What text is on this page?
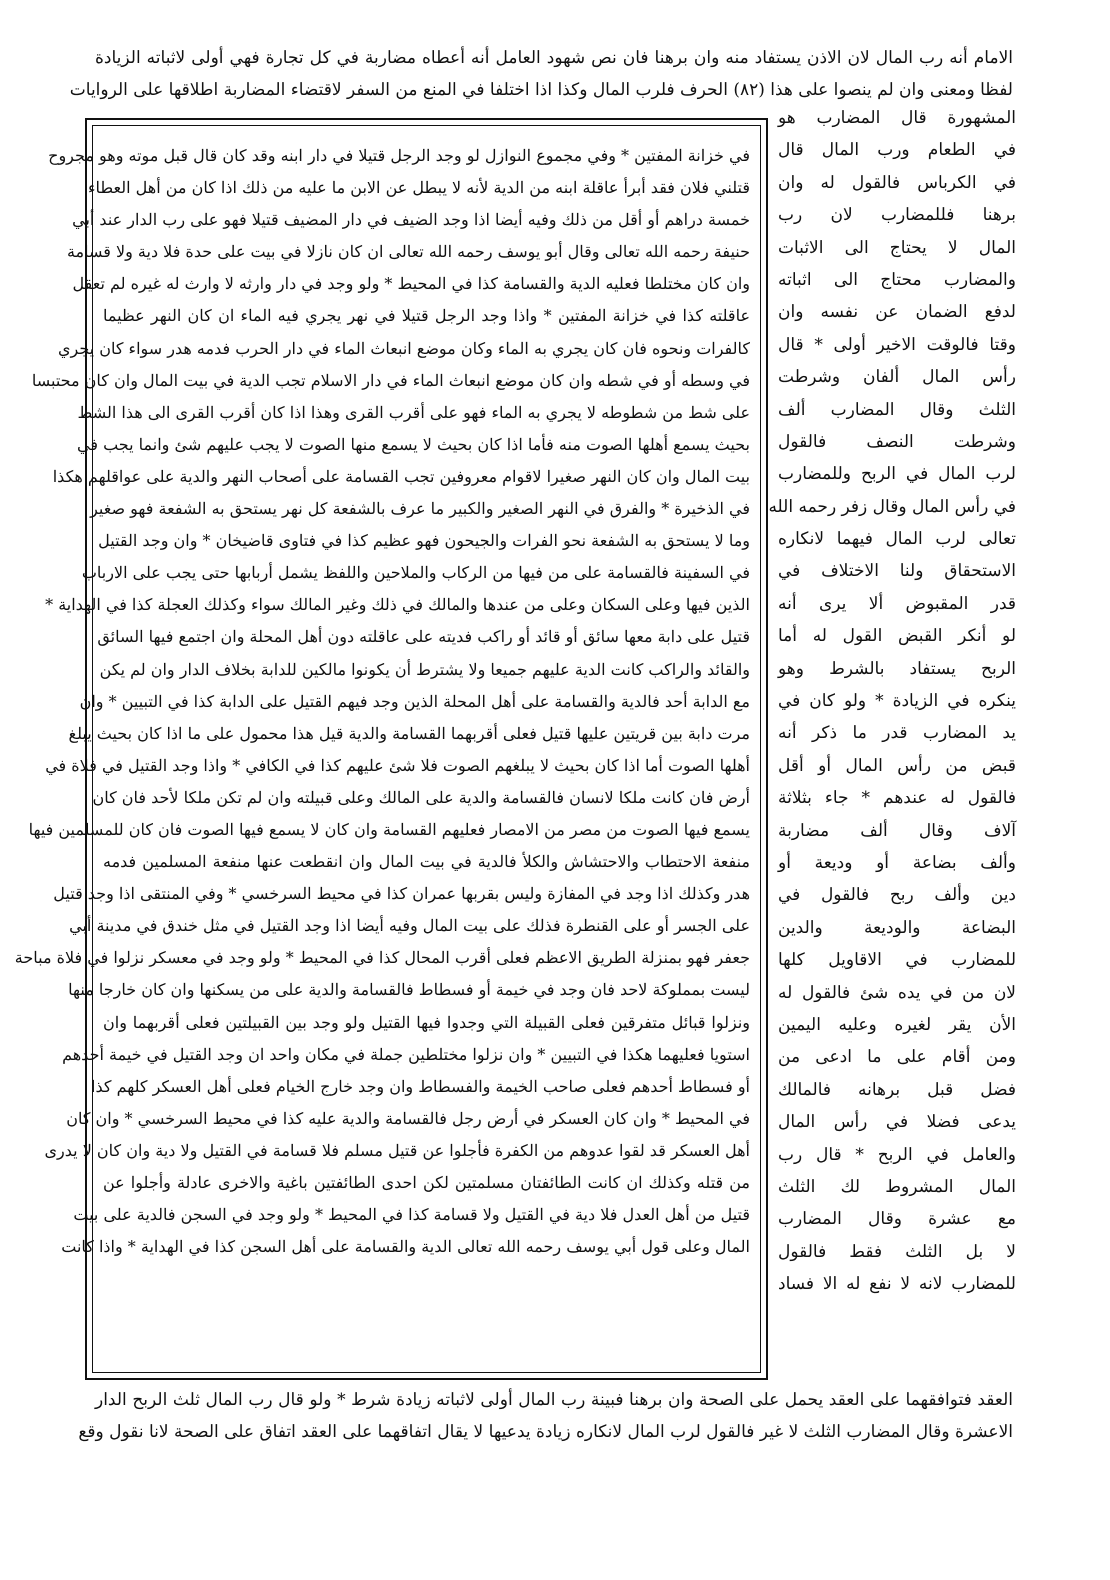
الامام أنه رب المال لان الاذن يستفاد منه وان برهنا فان نص شهود العامل أنه أعطاه مضاربة في كل تجارة فهي أولى لاثباته الزيادة
لفظا ومعنى وان لم ينصوا على هذا (٨٢) الحرف فلرب المال وكذا اذا اختلفا في المنع من السفر لاقتضاء المضاربة اطلاقها على الروايات
المشهورة قال المضارب هو
في الطعام ورب المال قال
في الكرباس فالقول له وان
برهنا فللمضارب لان رب
المال لا يحتاج الى الاثبات
والمضارب محتاج الى اثباته
لدفع الضمان عن نفسه وان
وقتا فالوقت الاخير أولى * قال
رأس المال ألفان وشرطت
الثلث وقال المضارب ألف
وشرطت النصف فالقول
لرب المال في الربح وللمضارب
في رأس المال وقال زفر رحمه الله
تعالى لرب المال فيهما لانكاره
الاستحقاق ولنا الاختلاف في
قدر المقبوض ألا يرى أنه
لو أنكر القبض القول له أما
الربح يستفاد بالشرط وهو
ينكره في الزيادة * ولو كان في
يد المضارب قدر ما ذكر أنه
قبض من رأس المال أو أقل
فالقول له عندهم * جاء بثلاثة
آلاف وقال ألف مضاربة
وألف بضاعة أو وديعة أو
دين وألف ربح فالقول في
البضاعة والوديعة والدين
للمضارب في الاقاويل كلها
لان من في يده شئ فالقول له
الأن يقر لغيره وعليه اليمين
ومن أقام على ما ادعى من
فضل قبل برهانه فالمالك
يدعى فضلا في رأس المال
والعامل في الربح * قال رب
المال المشروط لك الثلث
مع عشرة وقال المضارب
لا بل الثلث فقط فالقول
للمضارب لانه لا نفع له الا فساد
في خزانة المفتين * وفي مجموع النوازل لو وجد الرجل قتيلا في دار ابنه وقد كان قال قبل موته وهو مجروح
قتلني فلان فقد أبرأ عاقلة ابنه من الدية لأنه لا يبطل عن الابن ما عليه من ذلك اذا كان من أهل العطاء
خمسة دراهم أو أقل من ذلك وفيه أيضا اذا وجد الضيف في دار المضيف قتيلا فهو على رب الدار عند أبي
حنيفة رحمه الله تعالى وقال أبو يوسف رحمه الله تعالى ان كان نازلا في بيت على حدة فلا دية ولا قسامة
وان كان مختلطا فعليه الدية والقسامة كذا في المحيط * ولو وجد في دار وارثه لا وارث له غيره لم تعقل
عاقلته كذا في خزانة المفتين * واذا وجد الرجل قتيلا في نهر يجري فيه الماء ان كان النهر عظيما
كالفرات ونحوه فان كان يجري به الماء وكان موضع انبعاث الماء في دار الحرب فدمه هدر سواء كان يجري
في وسطه أو في شطه وان كان موضع انبعاث الماء في دار الاسلام تجب الدية في بيت المال وان كان محتبسا
على شط من شطوطه لا يجري به الماء فهو على أقرب القرى وهذا اذا كان أقرب القرى الى هذا الشط
بحيث يسمع أهلها الصوت منه فأما اذا كان بحيث لا يسمع منها الصوت لا يجب عليهم شئ وانما يجب في
بيت المال وان كان النهر صغيرا لاقوام معروفين تجب القسامة على أصحاب النهر والدية على عواقلهم هكذا
في الذخيرة * والفرق في النهر الصغير والكبير ما عرف بالشفعة كل نهر يستحق به الشفعة فهو صغير
وما لا يستحق به الشفعة نحو الفرات والجيحون فهو عظيم كذا في فتاوى قاضيخان * وان وجد القتيل
في السفينة فالقسامة على من فيها من الركاب والملاحين واللفظ يشمل أربابها حتى يجب على الارباب
الذين فيها وعلى السكان وعلى من عندها والمالك في ذلك وغير المالك سواء وكذلك العجلة كذا في الهداية *
قتيل على دابة معها سائق أو قائد أو راكب فديته على عاقلته دون أهل المحلة وان اجتمع فيها السائق
والقائد والراكب كانت الدية عليهم جميعا ولا يشترط أن يكونوا مالكين للدابة بخلاف الدار وان لم يكن
مع الدابة أحد فالدية والقسامة على أهل المحلة الذين وجد فيهم القتيل على الدابة كذا في التبيين * وان
مرت دابة بين قريتين عليها قتيل فعلى أقربهما القسامة والدية قيل هذا محمول على ما اذا كان بحيث يبلغ
أهلها الصوت أما اذا كان بحيث لا يبلغهم الصوت فلا شئ عليهم كذا في الكافي * واذا وجد القتيل في فلاة في
أرض فان كانت ملكا لانسان فالقسامة والدية على المالك وعلى قبيلته وان لم تكن ملكا لأحد فان كان
يسمع فيها الصوت من مصر من الامصار فعليهم القسامة وان كان لا يسمع فيها الصوت فان كان للمسلمين فيها
منفعة الاحتطاب والاحتشاش والكلأ فالدية في بيت المال وان انقطعت عنها منفعة المسلمين فدمه
هدر وكذلك اذا وجد في المفازة وليس بقربها عمران كذا في محيط السرخسي * وفي المنتقى اذا وجد قتيل
على الجسر أو على القنطرة فذلك على بيت المال وفيه أيضا اذا وجد القتيل في مثل خندق في مدينة أبي
جعفر فهو بمنزلة الطريق الاعظم فعلى أقرب المحال كذا في المحيط * ولو وجد في معسكر نزلوا في فلاة مباحة
ليست بمملوكة لاحد فان وجد في خيمة أو فسطاط فالقسامة والدية على من يسكنها وان كان خارجا منها
ونزلوا قبائل متفرقين فعلى القبيلة التي وجدوا فيها القتيل ولو وجد بين القبيلتين فعلى أقربهما وان
استويا فعليهما هكذا في التبيين * وان نزلوا مختلطين جملة في مكان واحد ان وجد القتيل في خيمة أحدهم
أو فسطاط أحدهم فعلى صاحب الخيمة والفسطاط وان وجد خارج الخيام فعلى أهل العسكر كلهم كذا
في المحيط * وان كان العسكر في أرض رجل فالقسامة والدية عليه كذا في محيط السرخسي * وان كان
أهل العسكر قد لقوا عدوهم من الكفرة فأجلوا عن قتيل مسلم فلا قسامة في القتيل ولا دية وان كان لا يدرى
من قتله وكذلك ان كانت الطائفتان مسلمتين لكن احدى الطائفتين باغية والاخرى عادلة وأجلوا عن
قتيل من أهل العدل فلا دية في القتيل ولا قسامة كذا في المحيط * ولو وجد في السجن فالدية على بيت
المال وعلى قول أبي يوسف رحمه الله تعالى الدية والقسامة على أهل السجن كذا في الهداية * واذا كانت
العقد فتوافقهما على العقد يحمل على الصحة وان برهنا فبينة رب المال أولى لاثباته زيادة شرط * ولو قال رب المال ثلث الربح الدار
الاعشرة وقال المضارب الثلث لا غير فالقول لرب المال لانكاره زيادة يدعيها لا يقال اتفاقهما على العقد اتفاق على الصحة لانا نقول وقع
